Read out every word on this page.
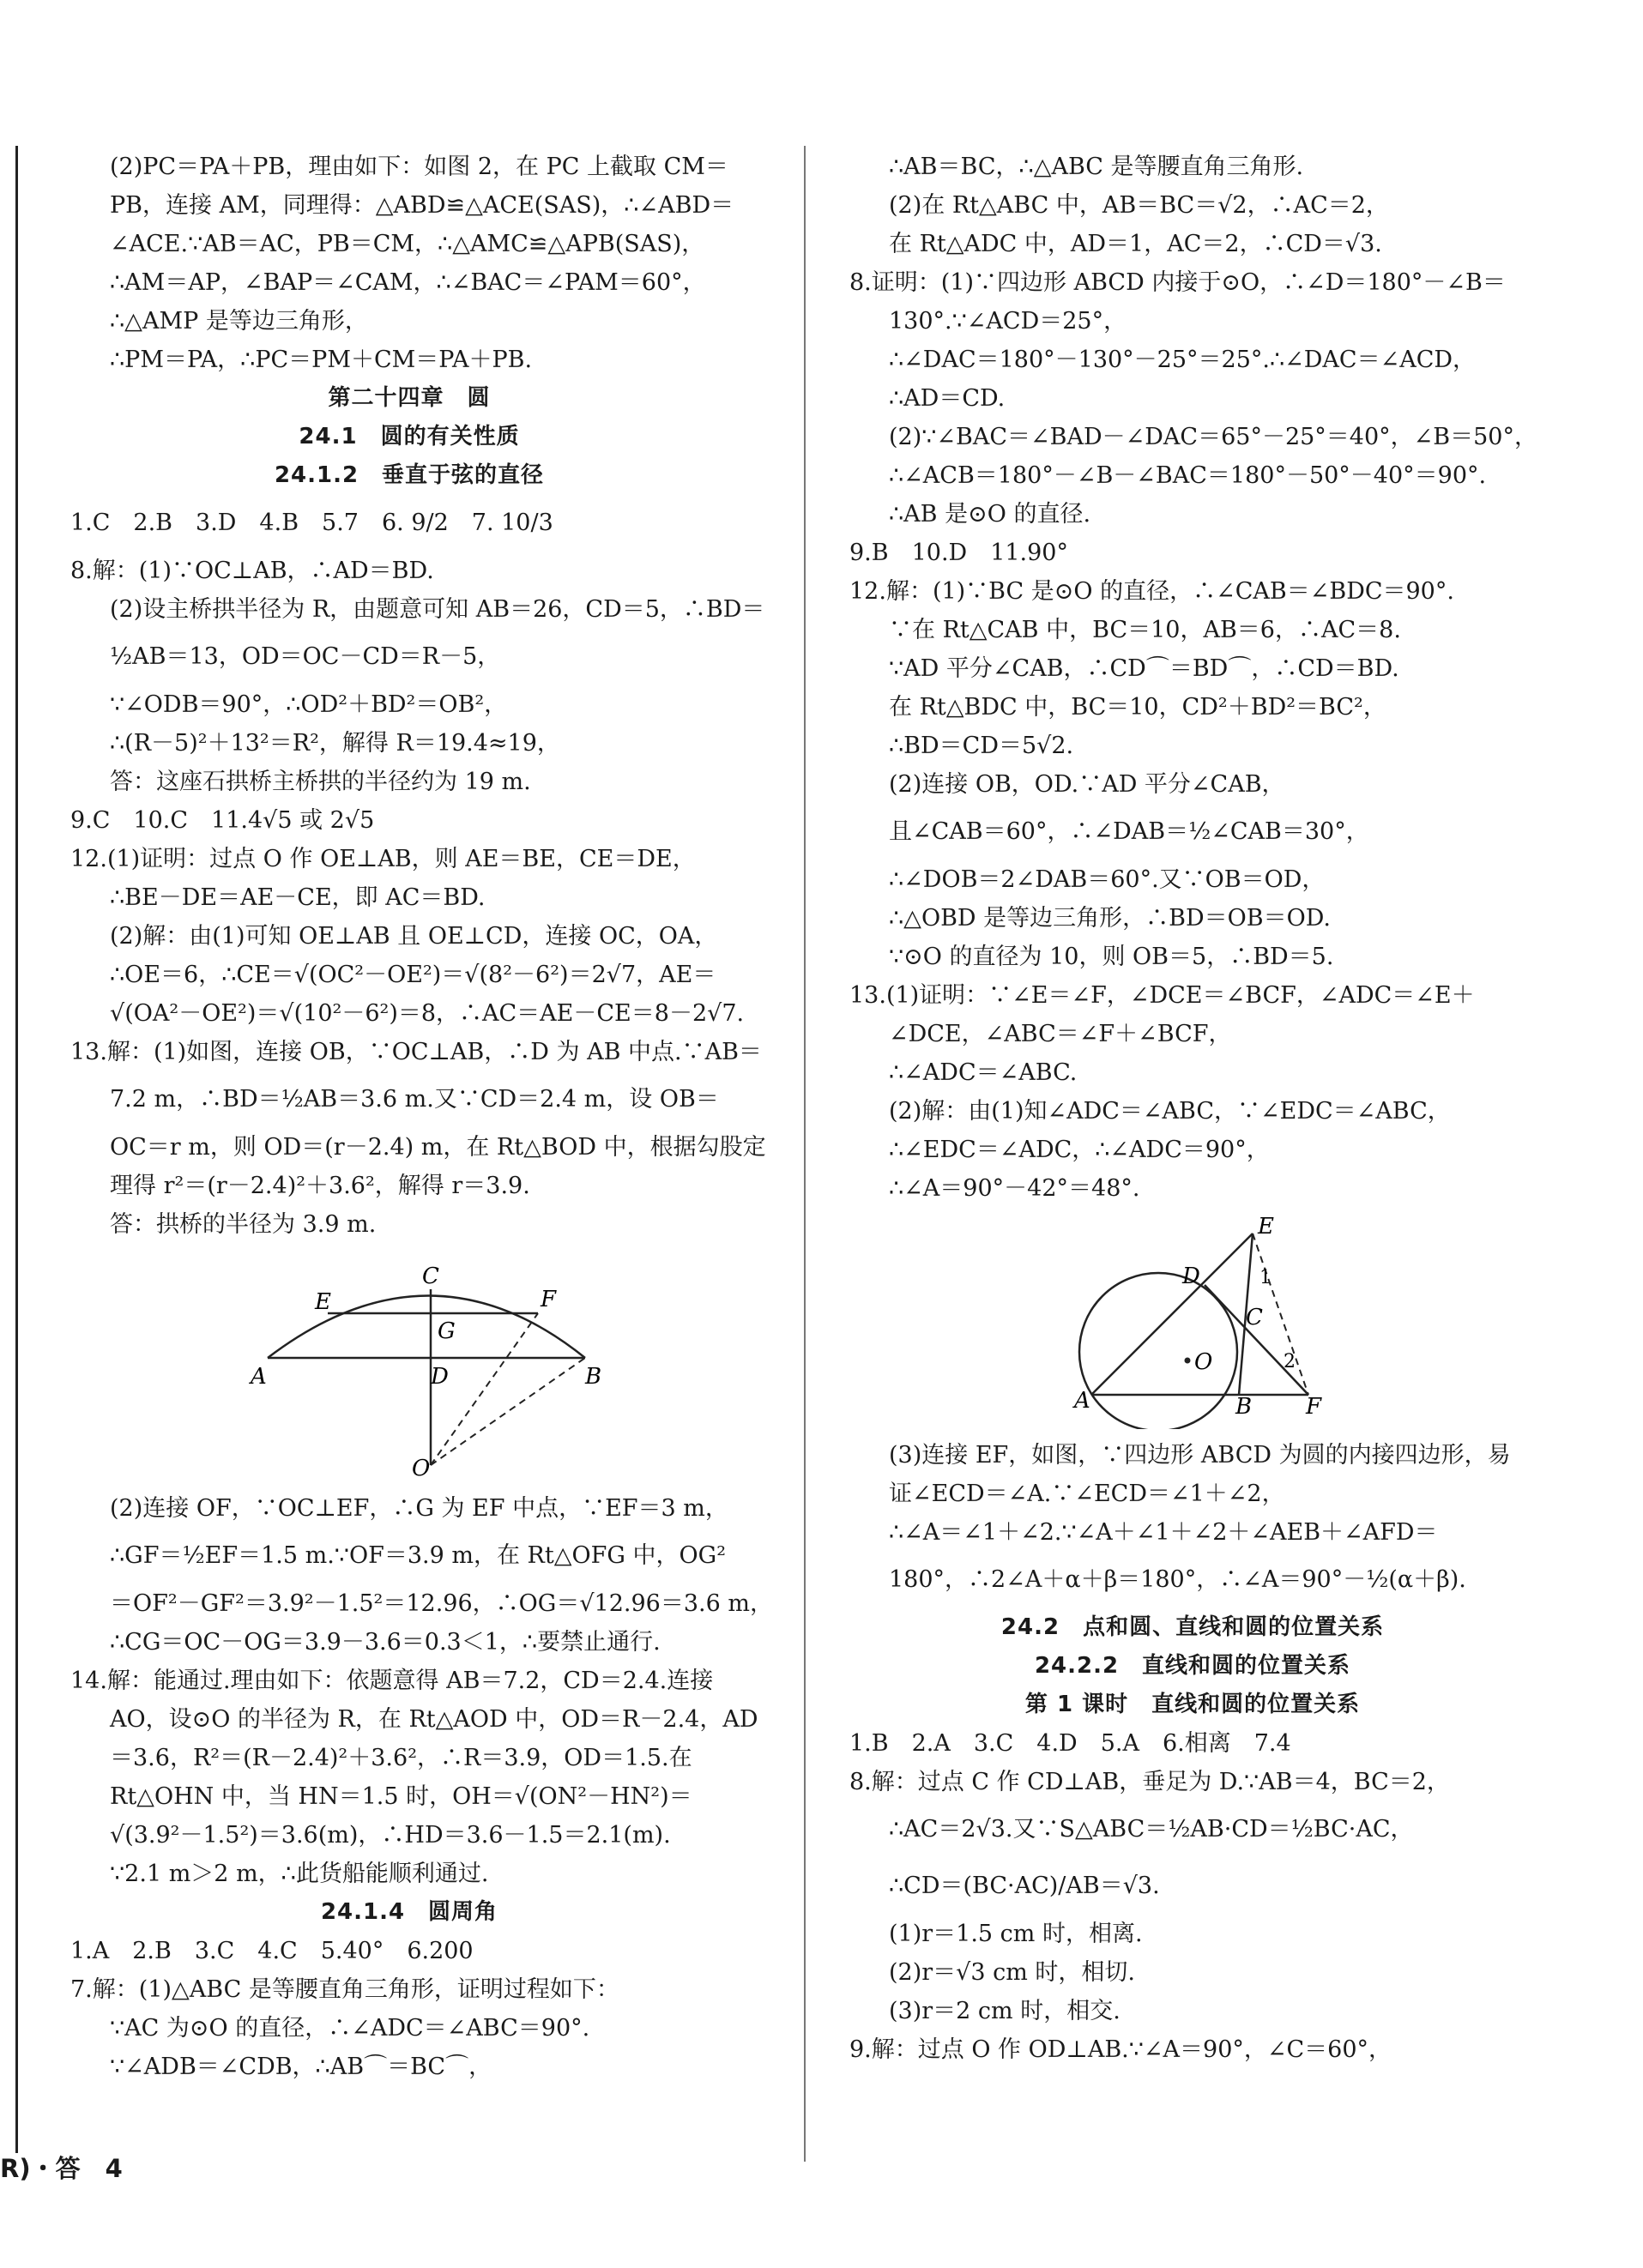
(2)PC＝PA＋PB，理由如下：如图 2，在 PC 上截取 CM＝
PB，连接 AM，同理得：△ABD≌△ACE(SAS)，∴∠ABD＝
∠ACE.∵AB＝AC，PB＝CM，∴△AMC≌△APB(SAS)，
∴AM＝AP，∠BAP＝∠CAM，∴∠BAC＝∠PAM＝60°，
∴△AMP 是等边三角形，
∴PM＝PA，∴PC＝PM＋CM＝PA＋PB.
第二十四章　圆
24.1　圆的有关性质
24.1.2　垂直于弦的直径
1.C　2.B　3.D　4.B　5.7　6. 9/2　7. 10/3
8.解：(1)∵OC⊥AB，∴AD＝BD.
(2)设主桥拱半径为 R，由题意可知 AB＝26，CD＝5，∴BD＝
½AB＝13，OD＝OC－CD＝R－5，
∵∠ODB＝90°，∴OD²＋BD²＝OB²，
∴(R－5)²＋13²＝R²，解得 R＝19.4≈19，
答：这座石拱桥主桥拱的半径约为 19 m.
9.C　10.C　11.4√5 或 2√5
12.(1)证明：过点 O 作 OE⊥AB，则 AE＝BE，CE＝DE，
∴BE－DE＝AE－CE，即 AC＝BD.
(2)解：由(1)可知 OE⊥AB 且 OE⊥CD，连接 OC，OA，
∴OE＝6，∴CE＝√(OC²－OE²)＝√(8²－6²)＝2√7，AE＝
√(OA²－OE²)＝√(10²－6²)＝8，∴AC＝AE－CE＝8－2√7.
13.解：(1)如图，连接 OB，∵OC⊥AB，∴D 为 AB 中点.∵AB＝
7.2 m，∴BD＝½AB＝3.6 m.又∵CD＝2.4 m，设 OB＝
OC＝r m，则 OD＝(r－2.4) m，在 Rt△BOD 中，根据勾股定
理得 r²＝(r－2.4)²＋3.6²，解得 r＝3.9.
答：拱桥的半径为 3.9 m.
C
E	F
G
A	D	B
O
(2)连接 OF，∵OC⊥EF，∴G 为 EF 中点，∵EF＝3 m，
∴GF＝½EF＝1.5 m.∵OF＝3.9 m，在 Rt△OFG 中，OG²
＝OF²－GF²＝3.9²－1.5²＝12.96，∴OG＝√12.96＝3.6 m，
∴CG＝OC－OG＝3.9－3.6＝0.3＜1，∴要禁止通行.
14.解：能通过.理由如下：依题意得 AB＝7.2，CD＝2.4.连接
AO，设⊙O 的半径为 R，在 Rt△AOD 中，OD＝R－2.4，AD
＝3.6，R²＝(R－2.4)²＋3.6²，∴R＝3.9，OD＝1.5.在
Rt△OHN 中，当 HN＝1.5 时，OH＝√(ON²－HN²)＝
√(3.9²－1.5²)＝3.6(m)，∴HD＝3.6－1.5＝2.1(m).
∵2.1 m＞2 m，∴此货船能顺利通过.
24.1.4　圆周角
1.A　2.B　3.C　4.C　5.40°　6.200
7.解：(1)△ABC 是等腰直角三角形，证明过程如下：
∵AC 为⊙O 的直径，∴∠ADC＝∠ABC＝90°.
∵∠ADB＝∠CDB，∴AB⌒＝BC⌒，
∴AB＝BC，∴△ABC 是等腰直角三角形.
(2)在 Rt△ABC 中，AB＝BC＝√2，∴AC＝2，
在 Rt△ADC 中，AD＝1，AC＝2，∴CD＝√3.
8.证明：(1)∵四边形 ABCD 内接于⊙O，∴∠D＝180°－∠B＝
130°.∵∠ACD＝25°，
∴∠DAC＝180°－130°－25°＝25°.∴∠DAC＝∠ACD，
∴AD＝CD.
(2)∵∠BAC＝∠BAD－∠DAC＝65°－25°＝40°，∠B＝50°，
∴∠ACB＝180°－∠B－∠BAC＝180°－50°－40°＝90°.
∴AB 是⊙O 的直径.
9.B　10.D　11.90°
12.解：(1)∵BC 是⊙O 的直径，∴∠CAB＝∠BDC＝90°.
∵在 Rt△CAB 中，BC＝10，AB＝6，∴AC＝8.
∵AD 平分∠CAB，∴CD⌒＝BD⌒，∴CD＝BD.
在 Rt△BDC 中，BC＝10，CD²＋BD²＝BC²，
∴BD＝CD＝5√2.
(2)连接 OB，OD.∵AD 平分∠CAB，
且∠CAB＝60°，∴∠DAB＝½∠CAB＝30°，
∴∠DOB＝2∠DAB＝60°.又∵OB＝OD，
∴△OBD 是等边三角形，∴BD＝OB＝OD.
∵⊙O 的直径为 10，则 OB＝5，∴BD＝5.
13.(1)证明：∵∠E＝∠F，∠DCE＝∠BCF，∠ADC＝∠E＋
∠DCE，∠ABC＝∠F＋∠BCF，
∴∠ADC＝∠ABC.
(2)解：由(1)知∠ADC＝∠ABC，∵∠EDC＝∠ABC，
∴∠EDC＝∠ADC，∴∠ADC＝90°，
∴∠A＝90°－42°＝48°.
E
D	1
C
2
O
A	B F
(3)连接 EF，如图，∵四边形 ABCD 为圆的内接四边形，易
证∠ECD＝∠A.∵∠ECD＝∠1＋∠2，
∴∠A＝∠1＋∠2.∵∠A＋∠1＋∠2＋∠AEB＋∠AFD＝
180°，∴2∠A＋α＋β＝180°，∴∠A＝90°－½(α＋β).
24.2　点和圆、直线和圆的位置关系
24.2.2　直线和圆的位置关系
第 1 课时　直线和圆的位置关系
1.B　2.A　3.C　4.D　5.A　6.相离　7.4
8.解：过点 C 作 CD⊥AB，垂足为 D.∵AB＝4，BC＝2，
∴AC＝2√3.又∵S△ABC＝½AB·CD＝½BC·AC，
∴CD＝(BC·AC)/AB＝√3.
(1)r＝1.5 cm 时，相离.
(2)r＝√3 cm 时，相切.
(3)r＝2 cm 时，相交.
9.解：过点 O 作 OD⊥AB.∵∠A＝90°，∠C＝60°，
R)・答　4
